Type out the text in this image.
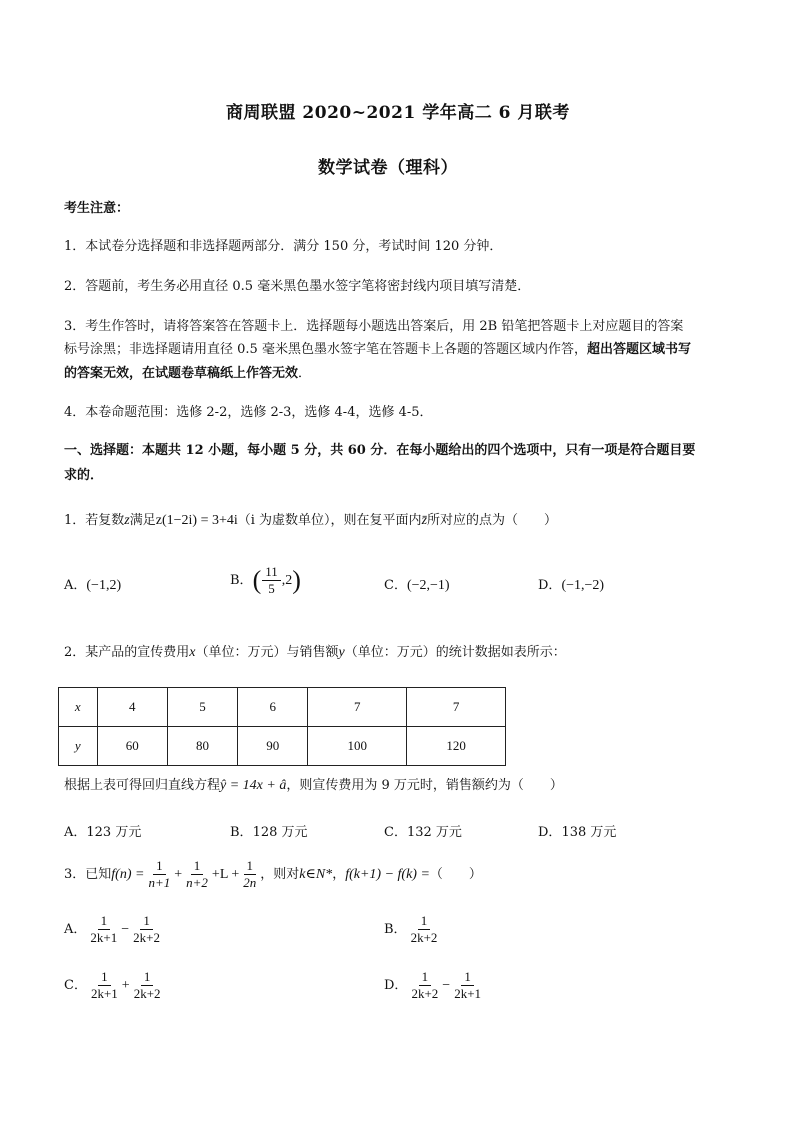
商周联盟 2020~2021 学年高二 6 月联考
数学试卷（理科）
考生注意：
1．本试卷分选择题和非选择题两部分．满分 150 分，考试时间 120 分钟．
2．答题前，考生务必用直径 0.5 毫米黑色墨水签字笔将密封线内项目填写清楚．
3．考生作答时，请将答案答在答题卡上．选择题每小题选出答案后，用 2B 铅笔把答题卡上对应题目的答案
标号涂黑；非选择题请用直径 0.5 毫米黑色墨水签字笔在答题卡上各题的答题区域内作答，超出答题区域书写
的答案无效，在试题卷草稿纸上作答无效．
4．本卷命题范围：选修 2-2，选修 2-3，选修 4-4，选修 4-5．
一、选择题：本题共 12 小题，每小题 5 分，共 60 分．在每小题给出的四个选项中，只有一项是符合题目要
求的．
1．若复数z满足z(1−2i) = 3+4i（i 为虚数单位），则在复平面内z̄所对应的点为（　　）
A．(−1,2)	B．( $\frac{11}{5} ,2$)	C．(−2,−1)	D．(−1,−2)
2．某产品的宣传费用x（单位：万元）与销售额y（单位：万元）的统计数据如表所示：
x	4	5	6	7	7
y	60	80	90	100	120
根据上表可得回归直线方程ŷ = 14x + â，则宣传费用为 9 万元时，销售额约为（　　）
A．123 万元	B．128 万元	C．132 万元	D．138 万元
3．已知$f(n) = \frac{1}{n+1} + \frac{1}{n+2} +L + \frac{1}{2n}$ ，则对k∈N*，f(k+1) − f(k) =（　　）
A． $\frac{1}{2k+1} - \frac{1}{2k+2}$	B． $\frac{1}{2k+2}$
C． $\frac{1}{2k+1} + \frac{1}{2k+2}$	D． $\frac{1}{2k+2} - \frac{1}{2k+1}$
